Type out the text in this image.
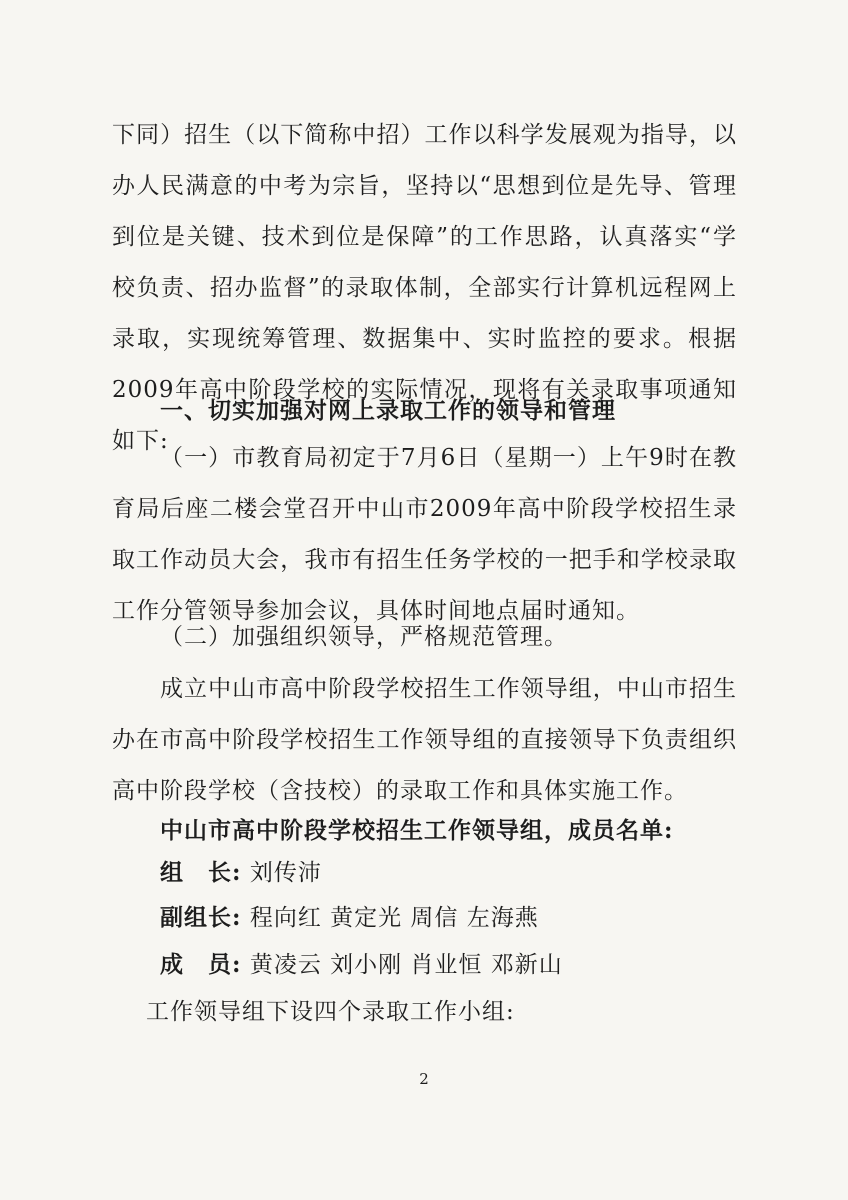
下同）招生（以下简称中招）工作以科学发展观为指导，以办人民满意的中考为宗旨，坚持以“思想到位是先导、管理到位是关键、技术到位是保障”的工作思路，认真落实“学校负责、招办监督”的录取体制，全部实行计算机远程网上录取，实现统筹管理、数据集中、实时监控的要求。根据2009年高中阶段学校的实际情况，现将有关录取事项通知如下:

一、切实加强对网上录取工作的领导和管理

（一）市教育局初定于7月6日（星期一）上午9时在教育局后座二楼会堂召开中山市2009年高中阶段学校招生录取工作动员大会，我市有招生任务学校的一把手和学校录取工作分管领导参加会议，具体时间地点届时通知。

（二）加强组织领导，严格规范管理。

成立中山市高中阶段学校招生工作领导组，中山市招生办在市高中阶段学校招生工作领导组的直接领导下负责组织高中阶段学校（含技校）的录取工作和具体实施工作。

中山市高中阶段学校招生工作领导组，成员名单:

组　长: 刘传沛
副组长: 程向红 黄定光 周信 左海燕
成　员: 黄凌云 刘小刚 肖业恒 邓新山
工作领导组下设四个录取工作小组:
2
